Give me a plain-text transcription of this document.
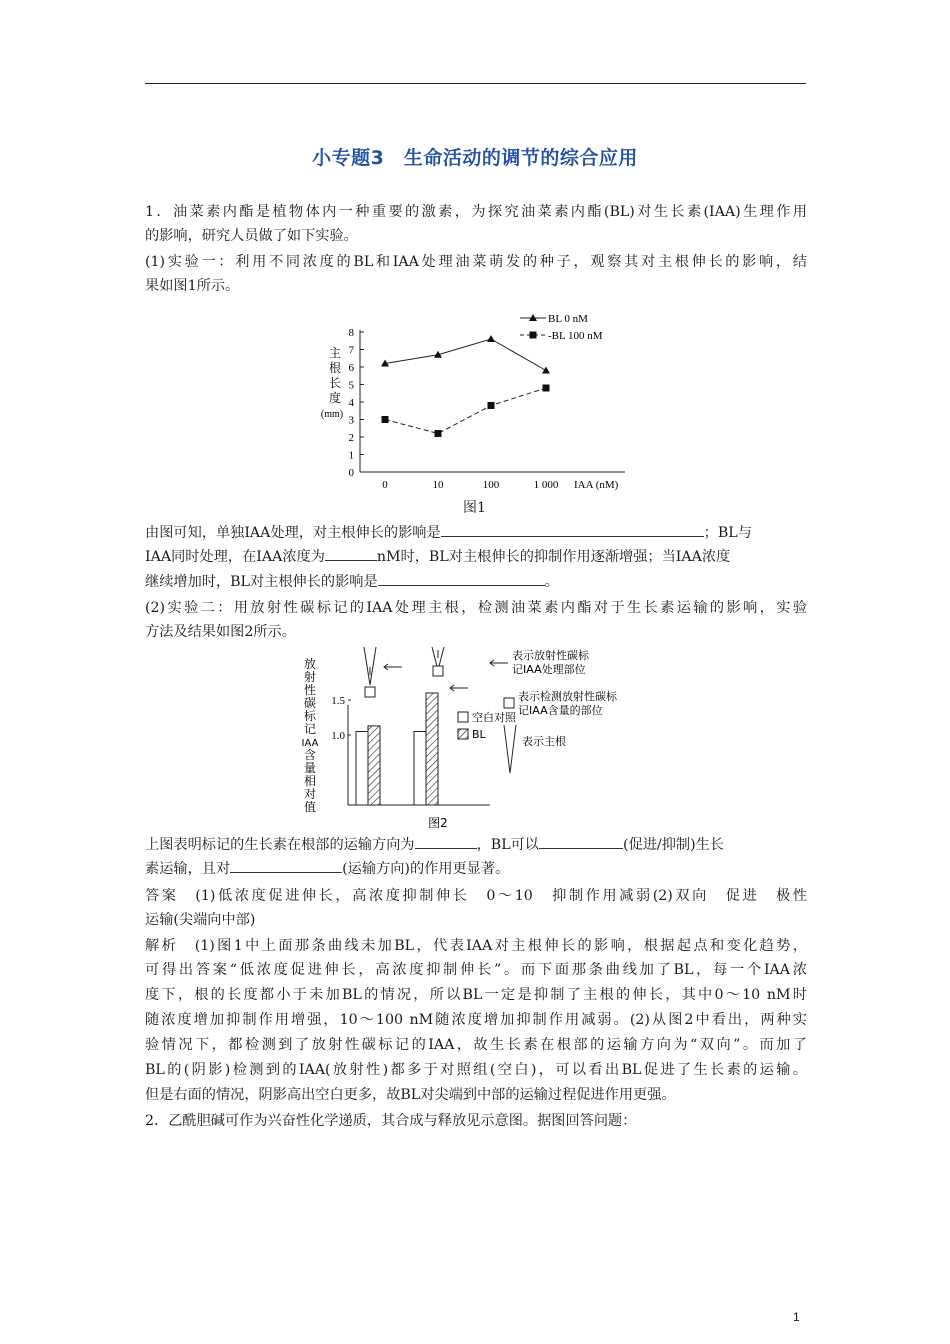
小专题3　生命活动的调节的综合应用
1．油菜素内酯是植物体内一种重要的激素，为探究油菜素内酯(BL)对生长素(IAA)生理作用
的影响，研究人员做了如下实验。
(1)实验一：利用不同浓度的BL和IAA处理油菜萌发的种子，观察其对主根伸长的影响，结
果如图1所示。
0
1
2
3
4
5
6
7
8
0	10	100	1 000 IAA (nM)
主
根
长
度
(mm)
BL 0 nM
-BL 100 nM
图1
由图可知，单独IAA处理，对主根伸长的影响是	；BL与
IAA同时处理，在IAA浓度为	nM时，BL对主根伸长的抑制作用逐渐增强；当IAA浓度
继续增加时，BL对主根伸长的影响是	。
(2)实验二：用放射性碳标记的IAA处理主根，检测油菜素内酯对于生长素运输的影响，实验
方法及结果如图2所示。
1.0
1.5
放
射
性
碳
标
记
IAA
含
量
相
对
值
空白对照
BL
表示放射性碳标
记IAA处理部位
表示检测放射性碳标
记IAA含量的部位
表示主根
图2
上图表明标记的生长素在根部的运输方向为	，BL可以	(促进/抑制)生长
素运输，且对	(运输方向)的作用更显著。
答案　(1)低浓度促进伸长，高浓度抑制伸长　0～10　抑制作用减弱(2)双向　促进　极性
运输(尖端向中部)
解析　(1)图1中上面那条曲线未加BL，代表IAA对主根伸长的影响，根据起点和变化趋势，
可得出答案“低浓度促进伸长，高浓度抑制伸长”。而下面那条曲线加了BL，每一个IAA浓
度下，根的长度都小于未加BL的情况，所以BL一定是抑制了主根的伸长，其中0～10 nM时
随浓度增加抑制作用增强，10～100 nM随浓度增加抑制作用减弱。(2)从图2中看出，两种实
验情况下，都检测到了放射性碳标记的IAA，故生长素在根部的运输方向为“双向”。而加了
BL的(阴影)检测到的IAA(放射性)都多于对照组(空白)，可以看出BL促进了生长素的运输。
但是右面的情况，阴影高出空白更多，故BL对尖端到中部的运输过程促进作用更强。
2．乙酰胆碱可作为兴奋性化学递质，其合成与释放见示意图。据图回答问题：
1
